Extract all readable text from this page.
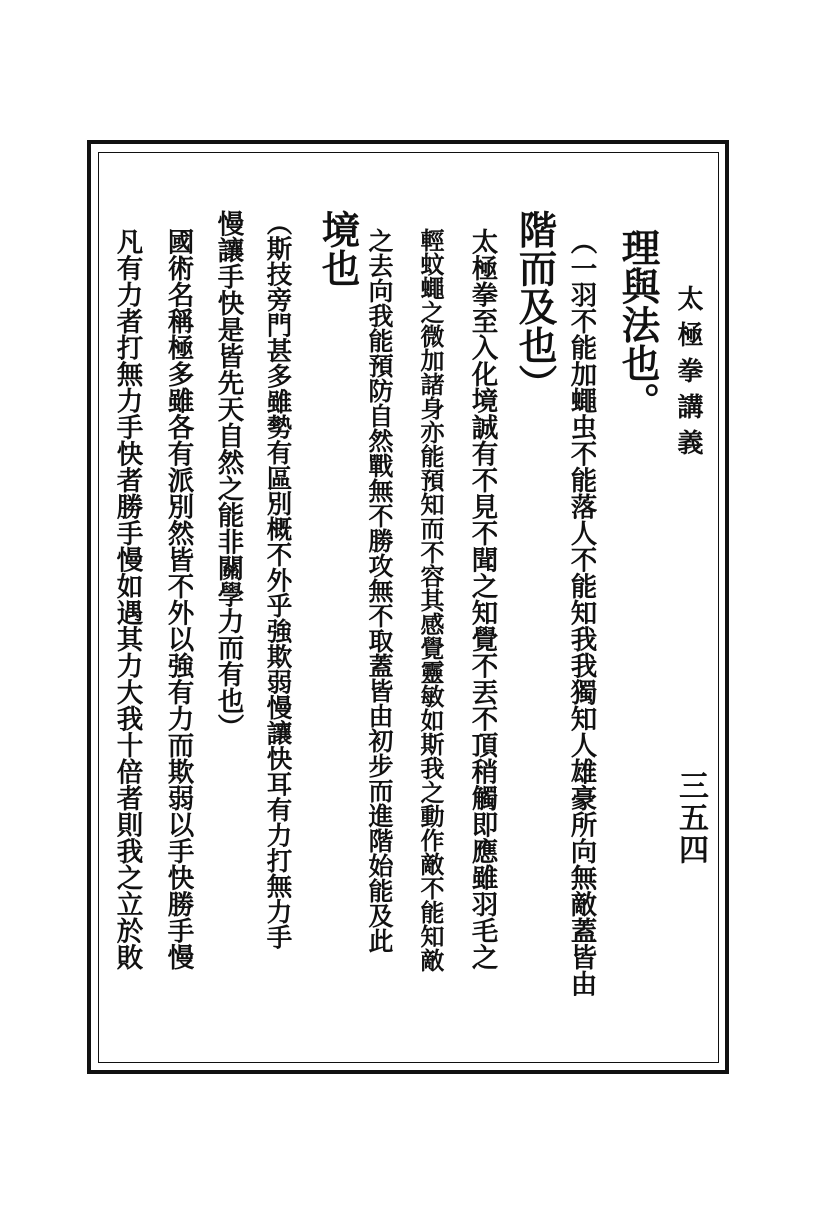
太極拳講義
三五四
理與法也。
（一羽不能加蠅虫不能落人不能知我我獨知人雄豪所向無敵蓋皆由
階而及也）
太極拳至入化境誠有不見不聞之知覺不丟不頂稍觸即應雖羽毛之
輕蚊蠅之微加諸身亦能預知而不容其感覺靈敏如斯我之動作敵不能知敵
之去向我能預防自然戰無不勝攻無不取蓋皆由初步而進階始能及此
境也
（斯技旁門甚多雖勢有區別概不外乎強欺弱慢讓快耳有力打無力手
慢讓手快是皆先天自然之能非關學力而有也）
國術名稱極多雖各有派別然皆不外以強有力而欺弱以手快勝手慢
凡有力者打無力手快者勝手慢如遇其力大我十倍者則我之立於敗
